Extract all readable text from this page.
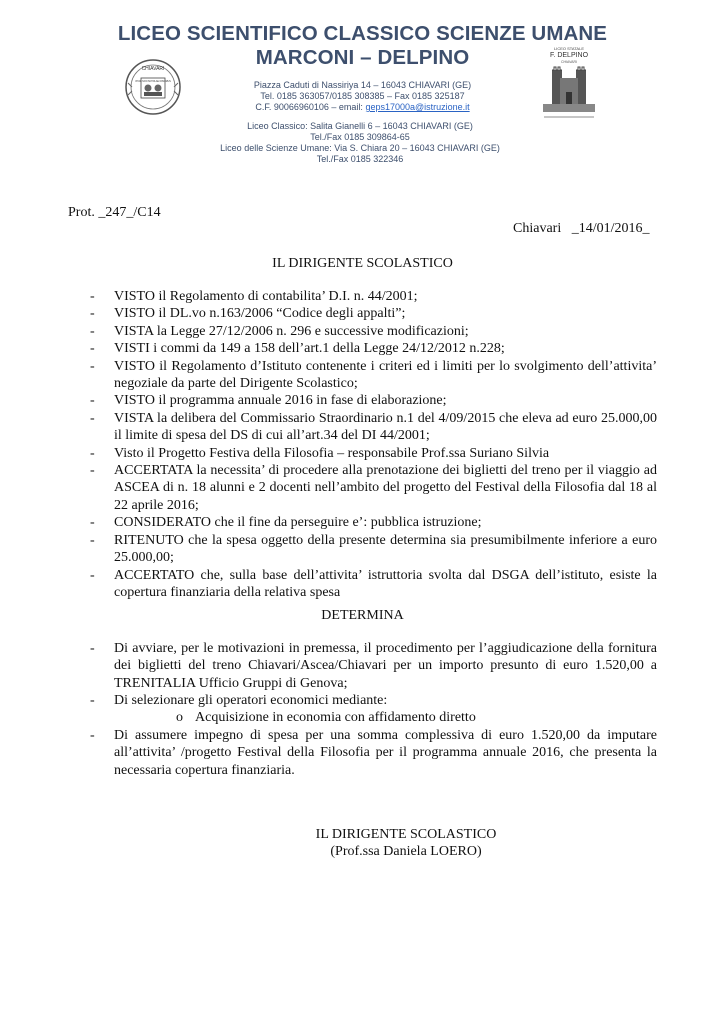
LICEO SCIENTIFICO CLASSICO SCIENZE UMANE
MARCONI – DELPINO
CHIAVARI
VITAE NON SCHOLAE DISCIMUS
LICEO STATALE
F. DELPINO
CHIAVARI
Piazza Caduti di Nassiriya 14 – 16043 CHIAVARI (GE)
Tel. 0185 363057/0185 308385 – Fax 0185 325187
C.F. 90066960106 – email: geps17000a@istruzione.it
Liceo Classico: Salita Gianelli 6 – 16043 CHIAVARI (GE)
Tel./Fax 0185 309864-65
Liceo delle Scienze Umane: Via S. Chiara 20 – 16043 CHIAVARI (GE)
Tel./Fax 0185 322346
Prot. _247_/C14
Chiavari   _14/01/2016_
IL DIRIGENTE SCOLASTICO
- VISTO il Regolamento di contabilita’ D.I. n. 44/2001;
- VISTO il DL.vo n.163/2006 “Codice degli appalti”;
- VISTA la Legge 27/12/2006 n. 296 e successive modificazioni;
- VISTI i commi da 149 a 158 dell’art.1 della Legge 24/12/2012 n.228;
- VISTO il Regolamento d’Istituto contenente i criteri ed i limiti per lo svolgimento dell’attivita’ negoziale da parte del Dirigente Scolastico;
- VISTO il programma annuale 2016 in fase di elaborazione;
- VISTA la delibera del Commissario Straordinario n.1 del 4/09/2015 che eleva ad euro 25.000,00 il limite di spesa del DS di cui all’art.34 del DI 44/2001;
- Visto il Progetto Festiva della Filosofia – responsabile Prof.ssa Suriano Silvia
- ACCERTATA la necessita’ di procedere alla prenotazione dei biglietti del treno per il viaggio ad ASCEA di n. 18 alunni e 2 docenti nell’ambito del progetto del Festival della Filosofia dal 18 al 22 aprile 2016;
- CONSIDERATO che il fine da perseguire e’: pubblica istruzione;
- RITENUTO che la spesa oggetto della presente determina sia presumibilmente inferiore a euro 25.000,00;
- ACCERTATO che, sulla base dell’attivita’ istruttoria svolta dal DSGA dell’istituto, esiste la copertura finanziaria della relativa spesa
DETERMINA
- Di avviare, per le motivazioni in premessa, il procedimento per l’aggiudicazione della fornitura dei biglietti del treno Chiavari/Ascea/Chiavari per un importo presunto di euro 1.520,00 a TRENITALIA Ufficio Gruppi di Genova;
- Di selezionare gli operatori economici mediante:
o Acquisizione in economia con affidamento diretto
- Di assumere impegno di spesa per una somma complessiva di euro 1.520,00 da imputare all’attivita’ /progetto Festival della Filosofia per il programma annuale 2016, che presenta la necessaria copertura finanziaria.
IL DIRIGENTE SCOLASTICO
(Prof.ssa Daniela LOERO)
